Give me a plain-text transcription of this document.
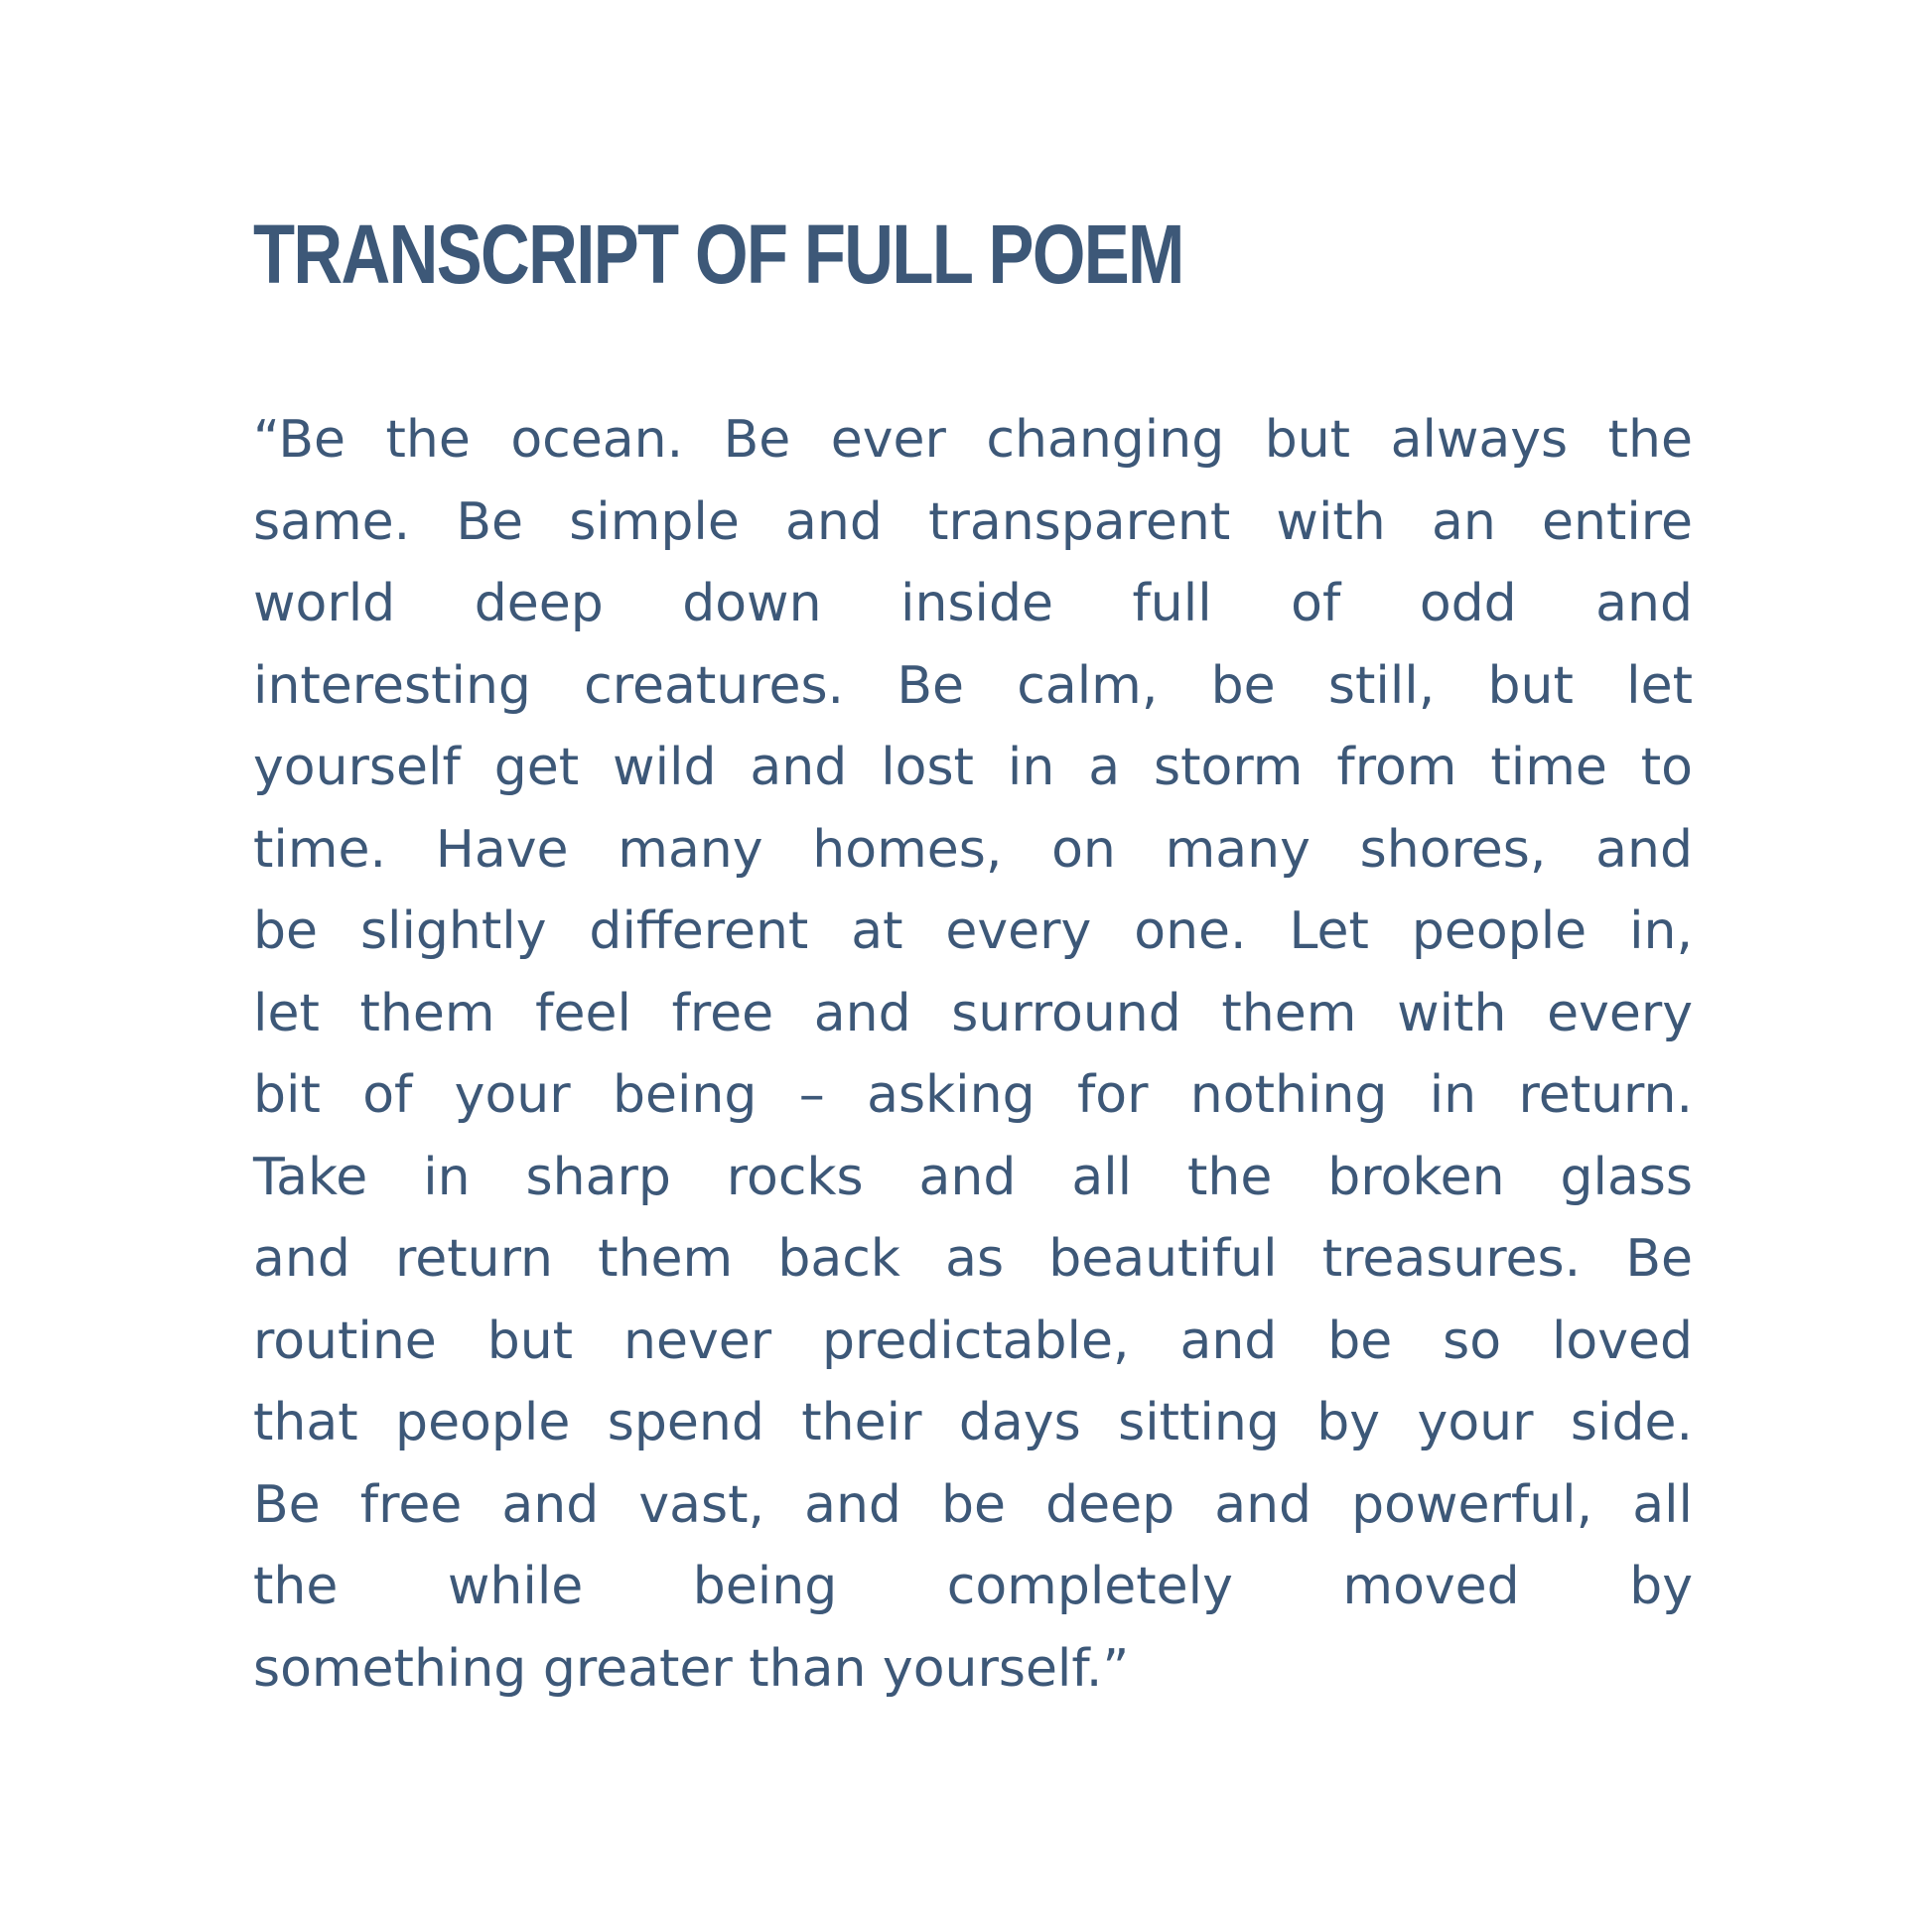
TRANSCRIPT OF FULL POEM
“Be the ocean. Be ever changing but always the
same. Be simple and transparent with an entire
world deep down inside full of odd and
interesting creatures. Be calm, be still, but let
yourself get wild and lost in a storm from time to
time. Have many homes, on many shores, and
be slightly different at every one. Let people in,
let them feel free and surround them with every
bit of your being – asking for nothing in return.
Take in sharp rocks and all the broken glass
and return them back as beautiful treasures. Be
routine but never predictable, and be so loved
that people spend their days sitting by your side.
Be free and vast, and be deep and powerful, all
the while being completely moved by
something greater than yourself.”
